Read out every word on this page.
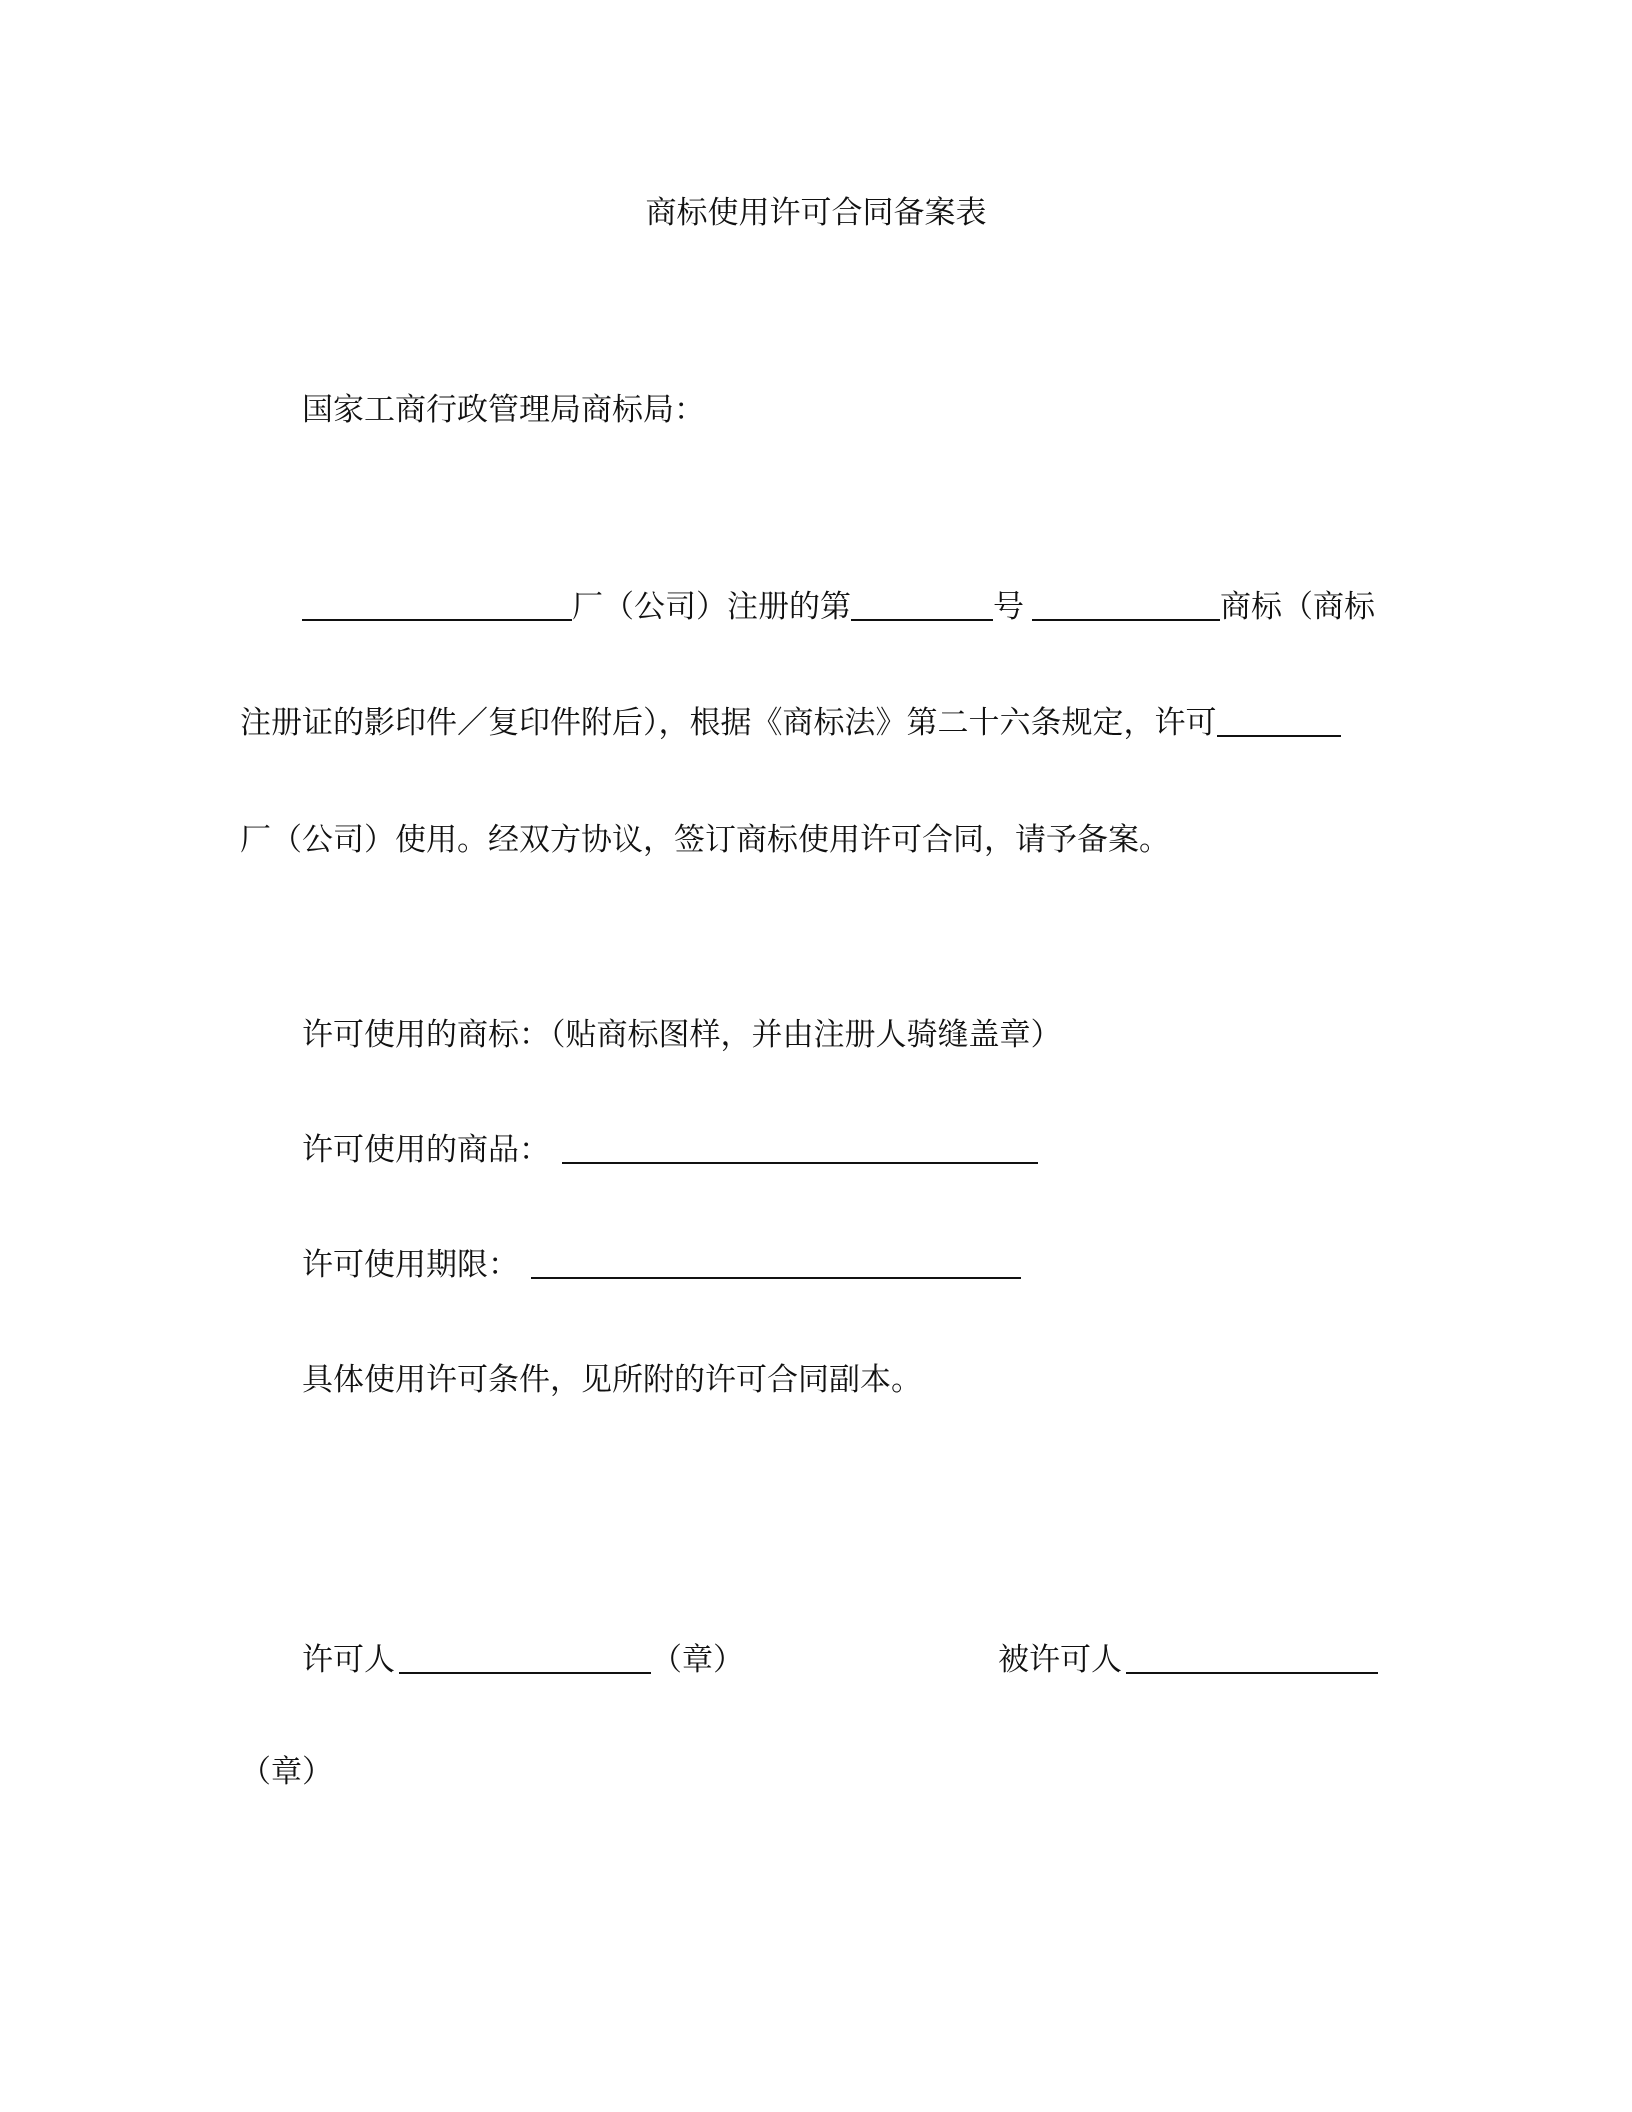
商标使用许可合同备案表
国家工商行政管理局商标局：
厂（公司）注册的第	号	商标（商标
注册证的影印件／复印件附后），根据《商标法》第二十六条规定，许可
厂（公司）使用。经双方协议，签订商标使用许可合同，请予备案。
许可使用的商标：（贴商标图样，并由注册人骑缝盖章）
许可使用的商品：
许可使用期限：
具体使用许可条件，见所附的许可合同副本。
许可人	（章）	被许可人
（章）
